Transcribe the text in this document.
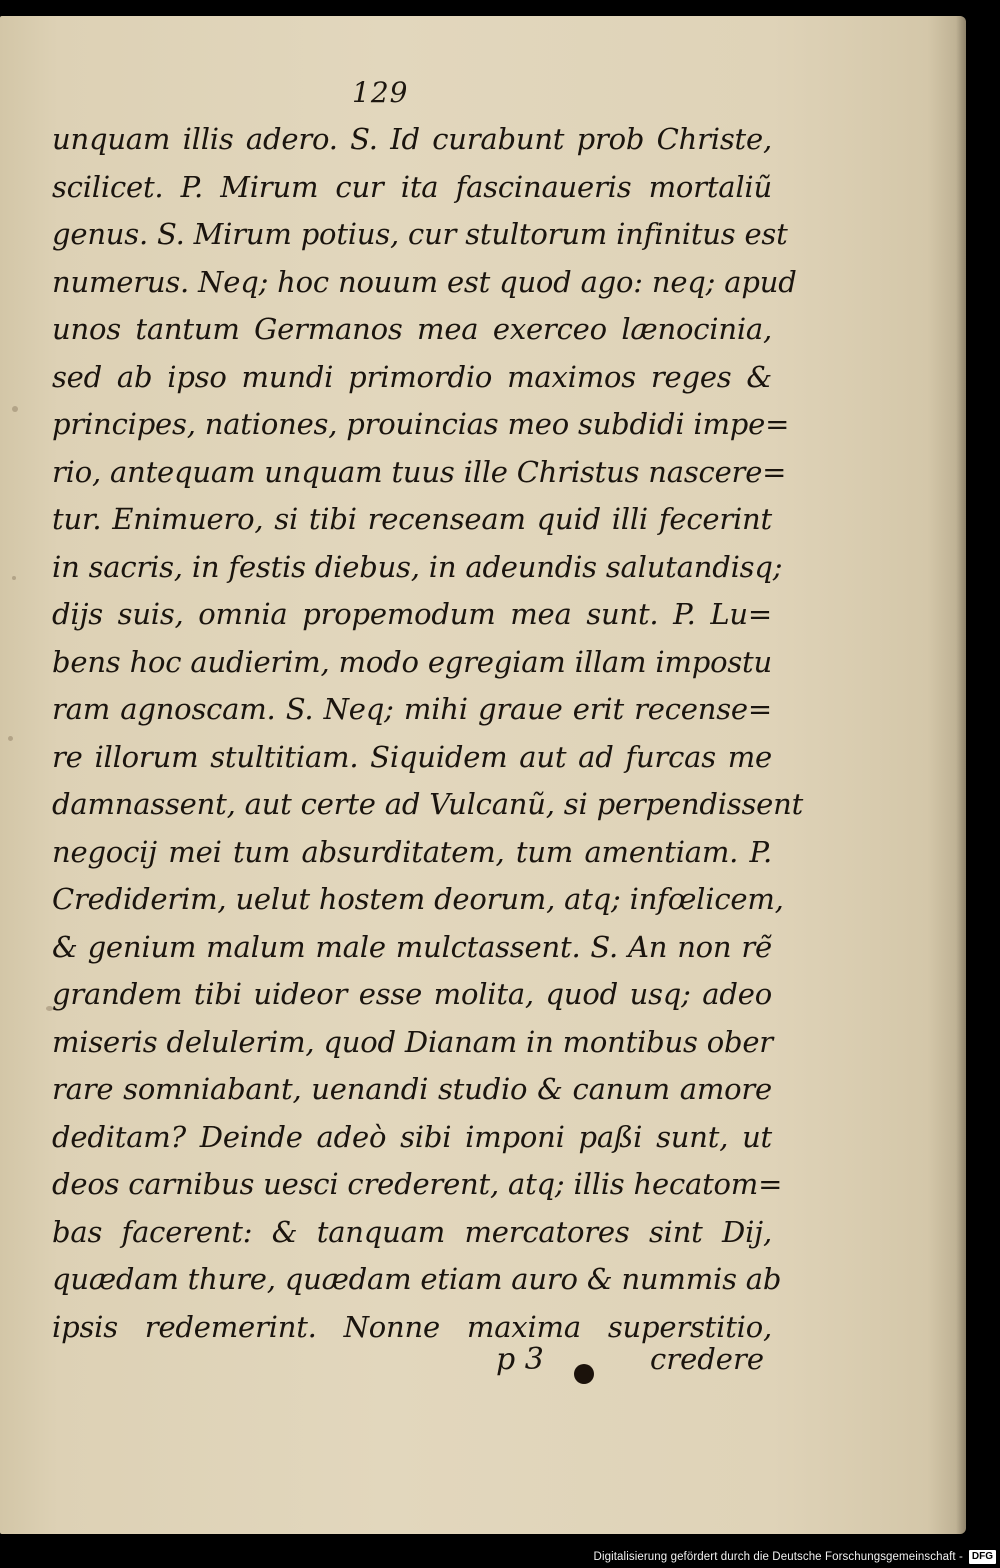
129
unquam illis adero. S. Id curabunt prob Christe,
scilicet. P. Mirum cur ita fascinaueris mortaliũ
genus. S. Mirum potius, cur stultorum infinitus est
numerus. Neq; hoc nouum est quod ago: neq; apud
unos tantum Germanos mea exerceo lænocinia,
sed ab ipso mundi primordio maximos reges &
principes, nationes, prouincias meo subdidi impe=
rio, antequam unquam tuus ille Christus nascere=
tur. Enimuero, si tibi recenseam quid illi fecerint
in sacris, in festis diebus, in adeundis salutandisq;
dijs suis, omnia propemodum mea sunt. P. Lu=
bens hoc audierim, modo egregiam illam impostu
ram agnoscam. S. Neq; mihi graue erit recense=
re illorum stultitiam. Siquidem aut ad furcas me
damnassent, aut certe ad Vulcanũ, si perpendissent
negocij mei tum absurditatem, tum amentiam. P.
Crediderim, uelut hostem deorum, atq; infœlicem,
& genium malum male mulctassent. S. An non rẽ
grandem tibi uideor esse molita, quod usq; adeo
miseris delulerim, quod Dianam in montibus ober
rare somniabant, uenandi studio & canum amore
deditam? Deinde adeò sibi imponi paßi sunt, ut
deos carnibus uesci crederent, atq; illis hecatom=
bas facerent: & tanquam mercatores sint Dij,
quædam thure, quædam etiam auro & nummis ab
ipsis redemerint. Nonne maxima superstitio,
p 3	credere
Digitalisierung gefördert durch die Deutsche Forschungsgemeinschaft - DFG
